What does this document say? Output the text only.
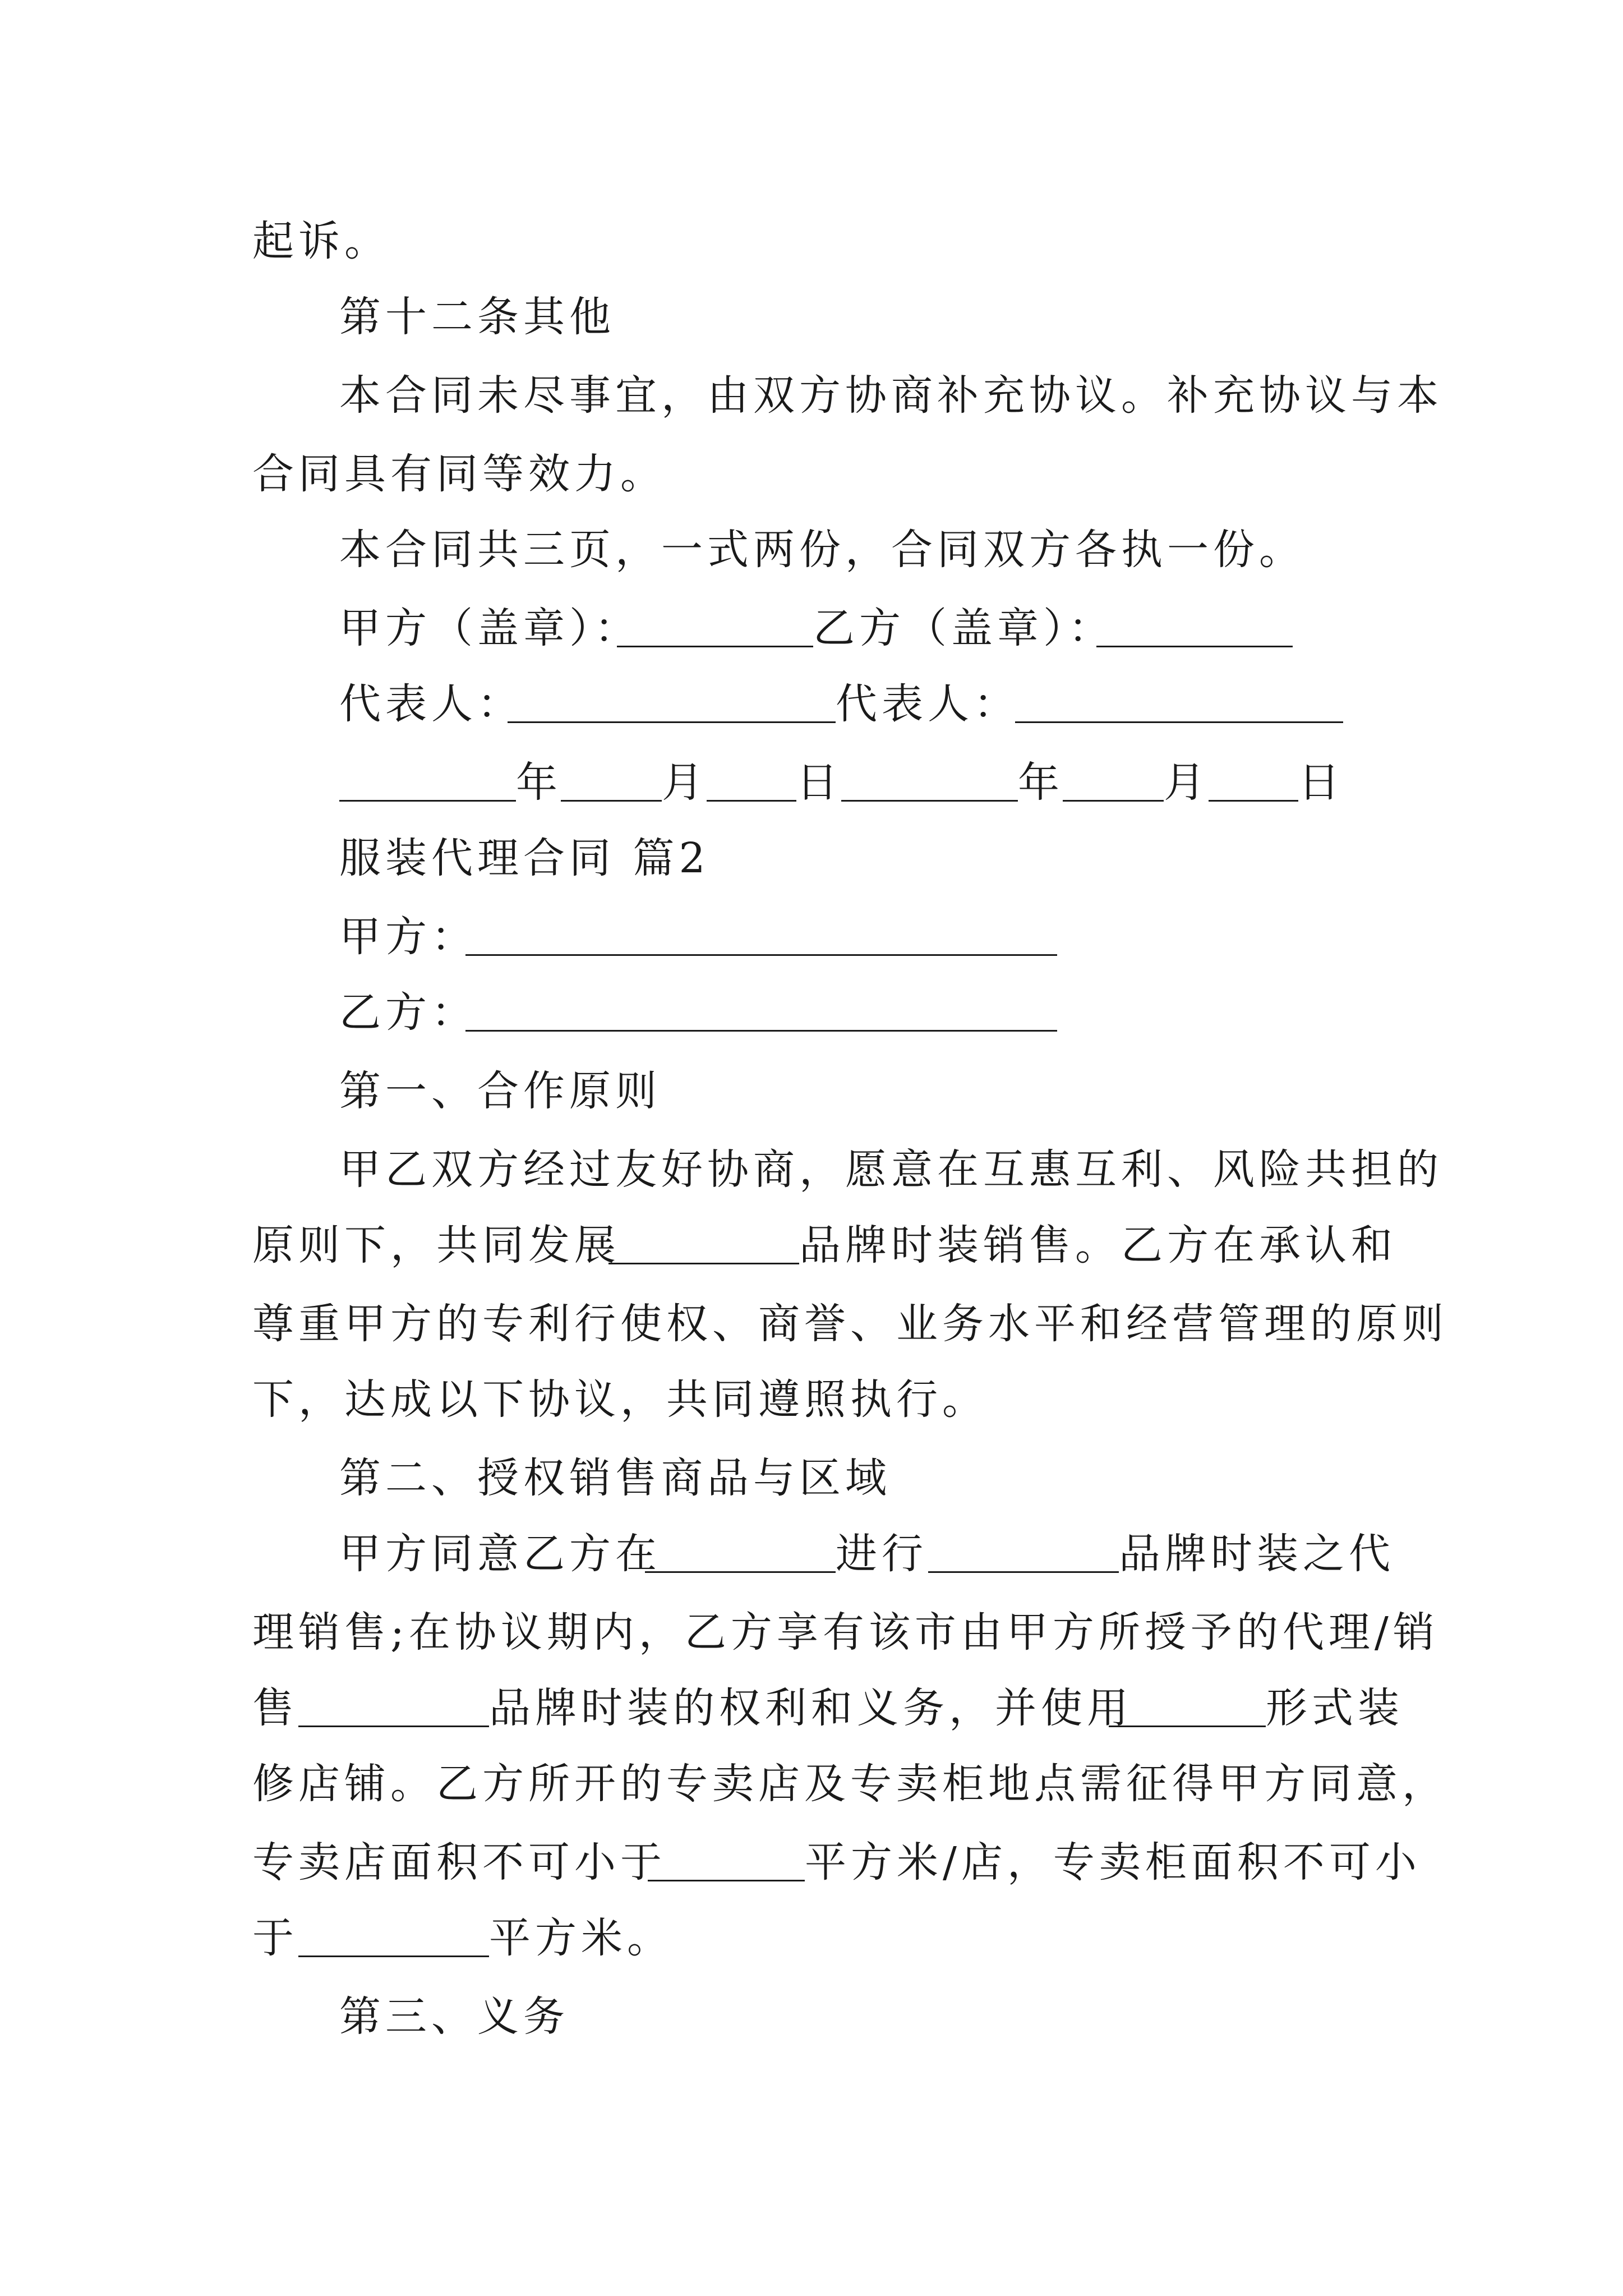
起诉。
第十二条其他
本合同未尽事宜，由双方协商补充协议。补充协议与本
合同具有同等效力。
本合同共三页，一式两份，合同双方各执一份。
甲方（盖章）：	乙方（盖章）：
代表人：	代表人：
年 月 日	年 月 日
服装代理合同 篇2
甲方：
乙方：
第一、合作原则
甲乙双方经过友好协商，愿意在互惠互利、风险共担的
原则下，共同发展	品牌时装销售。乙方在承认和
尊重甲方的专利行使权、商誉、业务水平和经营管理的原则
下，达成以下协议，共同遵照执行。
第二、授权销售商品与区域
甲方同意乙方在	进行	品牌时装之代
理销售;在协议期内，乙方享有该市由甲方所授予的代理/销
售	品牌时装的权利和义务，并使用	形式装
修店铺。乙方所开的专卖店及专卖柜地点需征得甲方同意，
专卖店面积不可小于	平方米/店，专卖柜面积不可小
于	平方米。
第三、义务
